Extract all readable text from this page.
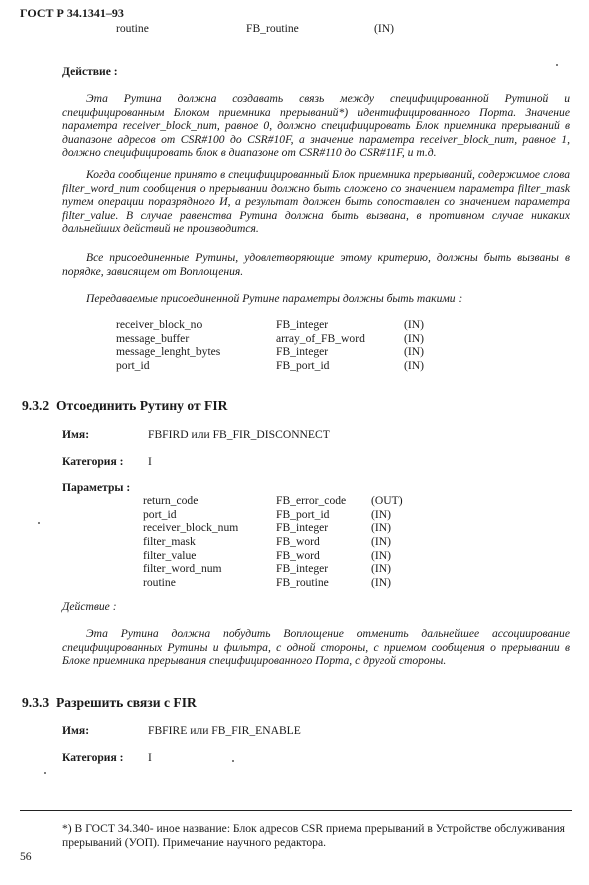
ГОСТ Р 34.1341–93
routine	FB_routine	(IN)
Действие :
Эта Рутина должна создавать связь между специфицированной Рутиной и специфицированным Блоком приемника прерываний*) идентифицированного Порта. Значение параметра receiver_block_num, равное 0, должно специфицировать Блок приемника прерываний в диапазоне адресов от CSR#100 до CSR#10F, а значение параметра receiver_block_num, равное 1, должно специфицировать блок в диапазоне от CSR#110 до CSR#11F, и т.д.
Когда сообщение принято в специфицированный Блок приемника прерываний, содержимое слова filter_word_num сообщения о прерывании должно быть сложено со значением параметра filter_mask путем операции поразрядного И, а результат должен быть сопоставлен со значением параметра filter_value. В случае равенства Рутина должна быть вызвана, в противном случае никаких дальнейших действий не производится.
Все присоединенные Рутины, удовлетворяющие этому критерию, должны быть вызваны в порядке, зависящем от Воплощения.
Передаваемые присоединенной Рутине параметры должны быть такими :
receiver_block_no	FB_integer	(IN)
message_buffer	array_of_FB_word	(IN)
message_lenght_bytes	FB_integer	(IN)
port_id	FB_port_id	(IN)
9.3.2 Отсоединить Рутину от FIR
Имя:	FBFIRD или FB_FIR_DISCONNECT
Категория : I
Параметры :
return_code	FB_error_code (OUT)
port_id	FB_port_id	(IN)
receiver_block_num	FB_integer	(IN)
filter_mask	FB_word	(IN)
filter_value	FB_word	(IN)
filter_word_num	FB_integer	(IN)
routine	FB_routine	(IN)
Действие :
Эта Рутина должна побудить Воплощение отменить дальнейшее ассоциирование специфицированных Рутины и фильтра, с одной стороны, с приемом сообщения о прерывании в Блоке приемника прерывания специфицированного Порта, с другой стороны.
9.3.3 Разрешить связи с FIR
Имя:	FBFIRE или FB_FIR_ENABLE
Категория : I
*) В ГОСТ 34.340- иное название: Блок адресов CSR приема прерываний в Устройстве обслуживания прерываний (УОП). Примечание научного редактора.
56
